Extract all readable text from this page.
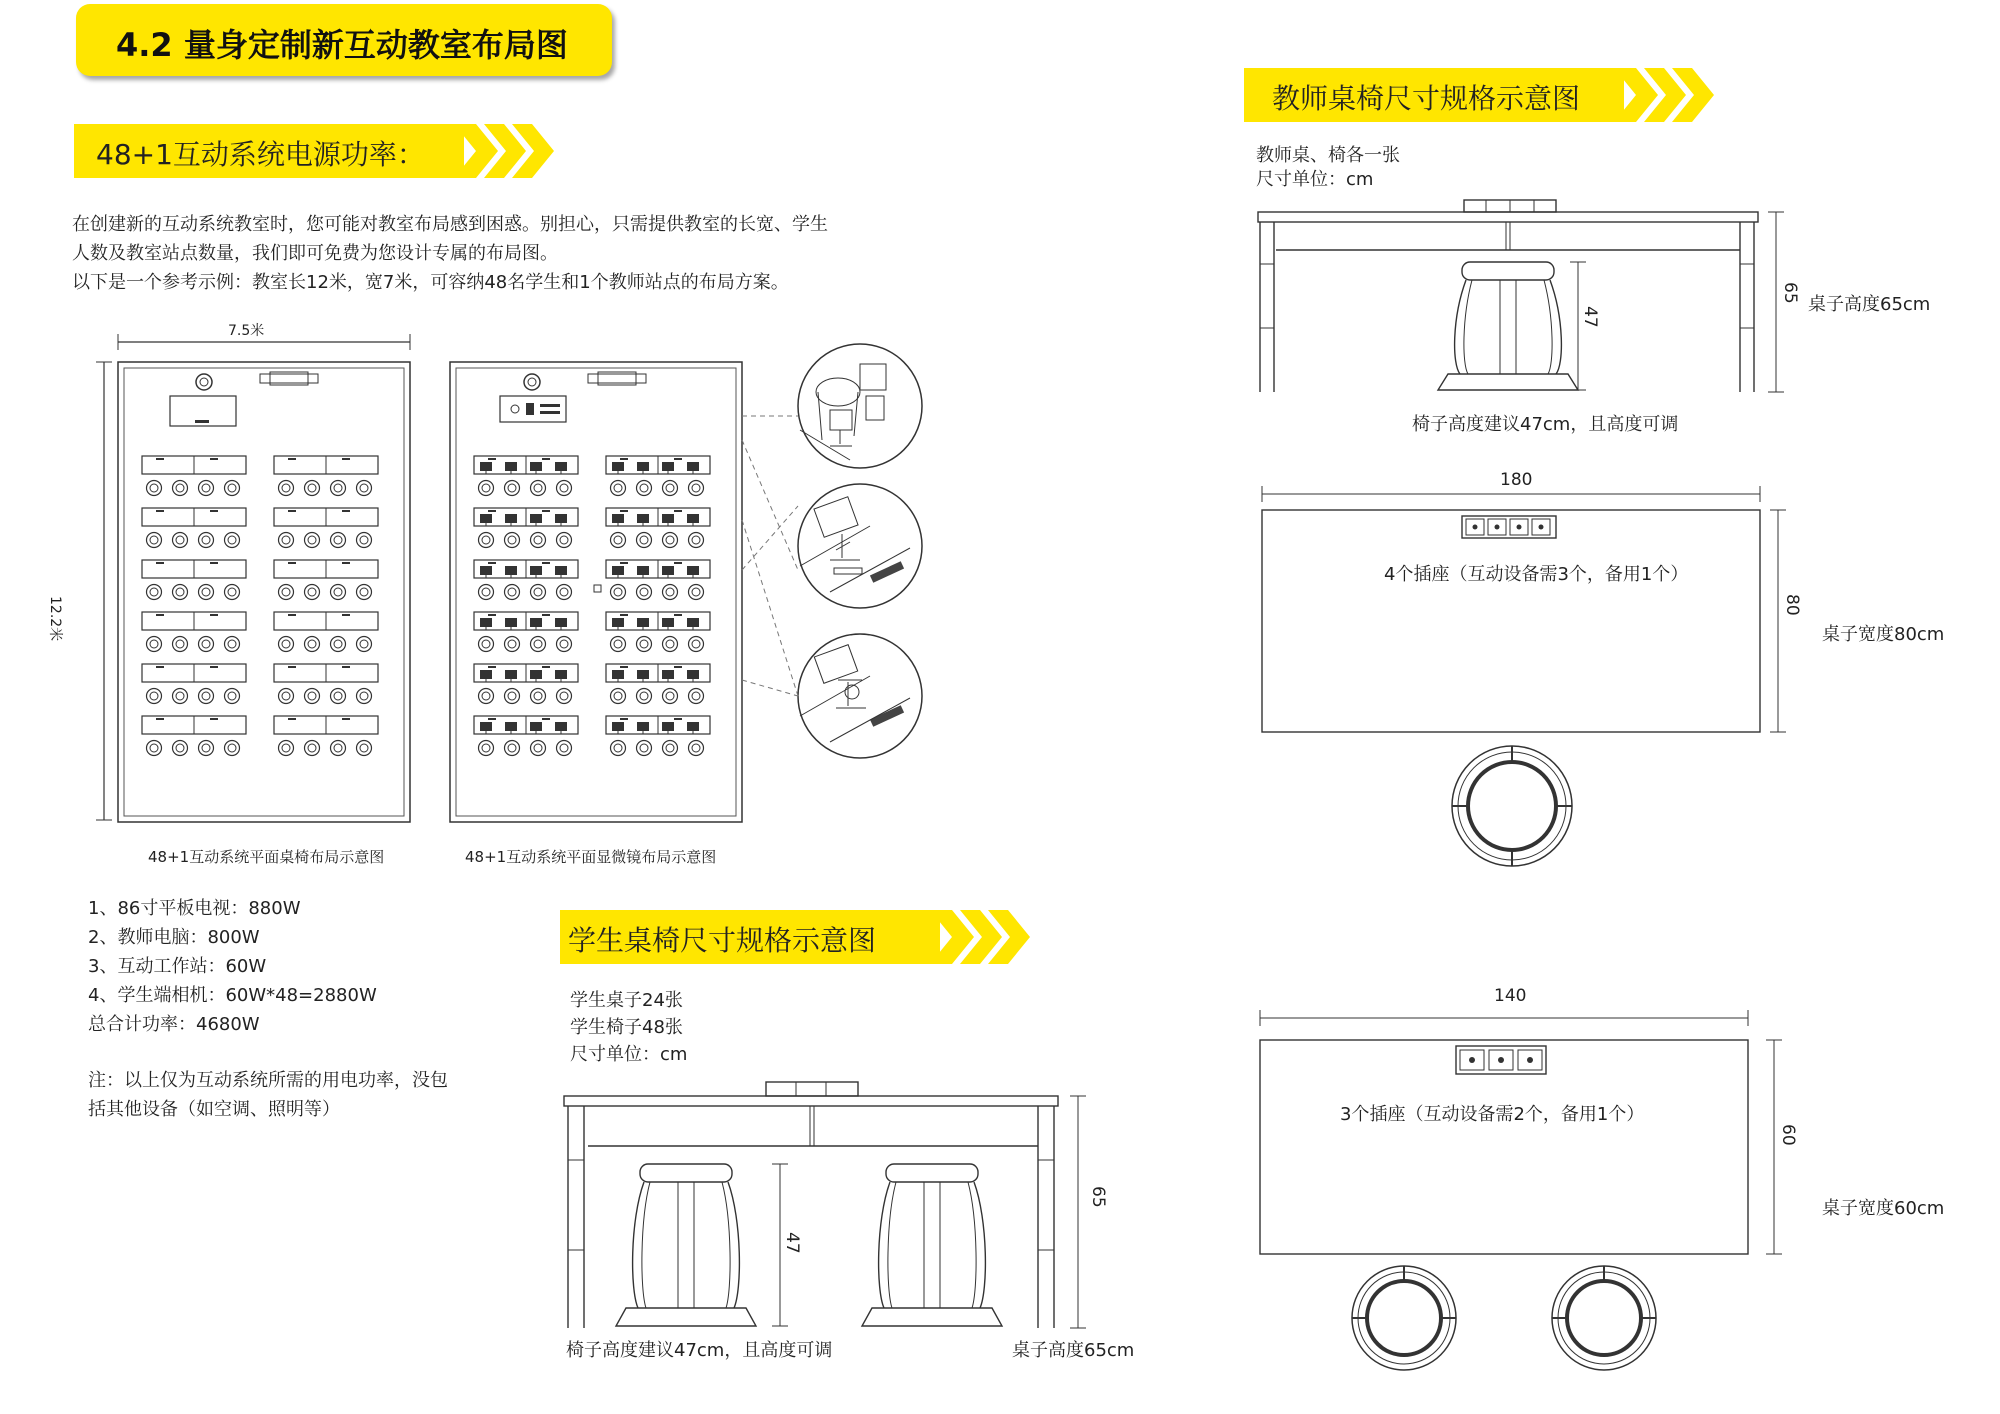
4.2 量身定制新互动教室布局图
48+1互动系统电源功率：
在创建新的互动系统教室时，您可能对教室布局感到困惑。别担心，只需提供教室的长宽、学生
人数及教室站点数量，我们即可免费为您设计专属的布局图。
以下是一个参考示例：教室长12米，宽7米，可容纳48名学生和1个教师站点的布局方案。
7.5米
12.2米
48+1互动系统平面桌椅布局示意图	48+1互动系统平面显微镜布局示意图
1、86寸平板电视：880W
2、教师电脑：800W
3、互动工作站：60W
4、学生端相机：60W*48=2880W
总合计功率：4680W
注：以上仅为互动系统所需的用电功率，没包
括其他设备（如空调、照明等）
学生桌椅尺寸规格示意图
学生桌子24张
学生椅子48张
尺寸单位：cm
47
65
椅子高度建议47cm，且高度可调	桌子高度65cm
教师桌椅尺寸规格示意图
教师桌、椅各一张
尺寸单位：cm
47
65
桌子高度65cm
椅子高度建议47cm，且高度可调
180
80
4个插座（互动设备需3个，备用1个）
桌子宽度80cm
140
60
3个插座（互动设备需2个，备用1个）
桌子宽度60cm
